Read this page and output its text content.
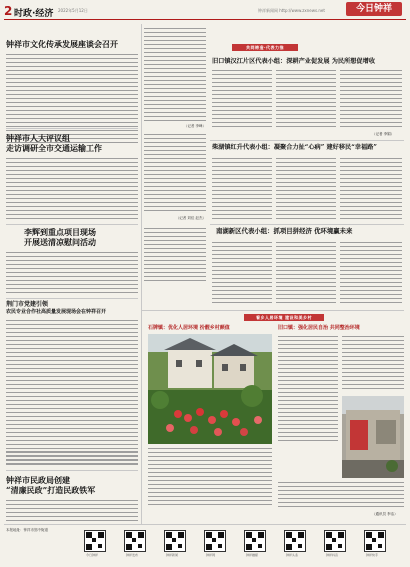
2 时政·经济 2022年5月12日	钟祥新闻网 http://www.zxnews.net	今日钟祥
钟祥市文化传承发展座谈会召开
钟祥市人大评议组
走访调研全市交通运输工作
李辉到重点项目现场
开展送清凉慰问活动
荆门市党建引领
农民专业合作社高质量发展现场会在钟祥召开
钟祥市民政局创建
“清廉民政”打造民政铁军
（记者 李峰）
（记者 刘佳 赵杰）
共同缔造·代表力推
旧口镇汉江片区代表小组：深耕产业促发展 为民所想促增收
（记者 李娟）
柴湖镇红升代表小组：凝聚合力扯“心病” 建好移民“幸福路”
南湖新区代表小组：抓项目拼经济 优环境赢未来
看乡人居环境 建设和美乡村
石牌镇：优化人居环境 扮靓乡村颜值	旧口镇：强化居民自治 共同整治环境
（通讯员 李洁）
本报地址：钟祥市郢中街道
今日钟祥	钟祥发布	钟祥新闻	钟祥网	钟祥融媒	钟祥头条	钟祥抖音	钟祥快手
